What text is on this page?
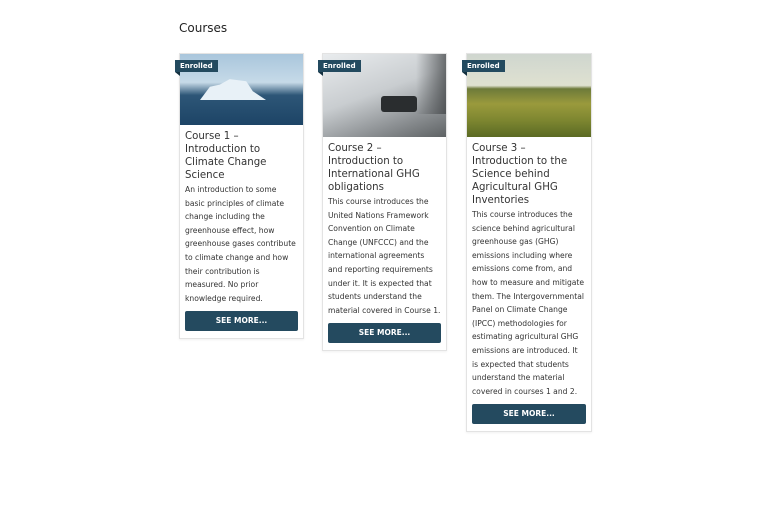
Courses
Enrolled
Course 1 – Introduction to Climate Change Science
An introduction to some basic principles of climate change including the greenhouse effect, how greenhouse gases contribute to climate change and how their contribution is measured. No prior knowledge required.
SEE MORE...
Enrolled
Course 2 – Introduction to International GHG obligations
This course introduces the United Nations Framework Convention on Climate Change (UNFCCC) and the international agreements and reporting requirements under it. It is expected that students understand the material covered in Course 1.
SEE MORE...
Enrolled
Course 3 – Introduction to the Science behind Agricultural GHG Inventories
This course introduces the science behind agricultural greenhouse gas (GHG) emissions including where emissions come from, and how to measure and mitigate them. The Intergovernmental Panel on Climate Change (IPCC) methodologies for estimating agricultural GHG emissions are introduced. It is expected that students understand the material covered in courses 1 and 2.
SEE MORE...
